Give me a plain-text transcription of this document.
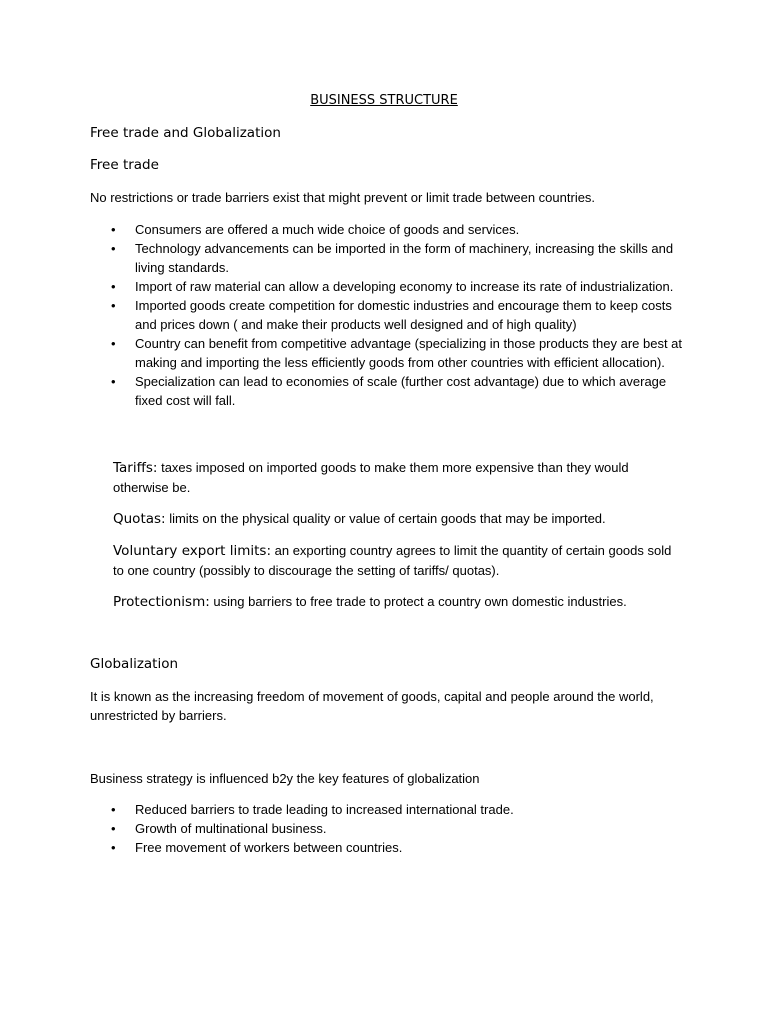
BUSINESS STRUCTURE
Free trade and Globalization
Free trade
No restrictions or trade barriers exist that might prevent or limit trade between countries.
• Consumers are offered a much wide choice of goods and services.
• Technology advancements can be imported in the form of machinery, increasing the skills and living standards.
• Import of raw material can allow a developing economy to increase its rate of industrialization.
• Imported goods create competition for domestic industries and encourage them to keep costs and prices down ( and make their products well designed and of high quality)
• Country can benefit from competitive advantage (specializing in those products they are best at making and importing the less efficiently goods from other countries with efficient allocation).
• Specialization can lead to economies of scale (further cost advantage) due to which average fixed cost will fall.
Tariffs: taxes imposed on imported goods to make them more expensive than they would otherwise be.
Quotas: limits on the physical quality or value of certain goods that may be imported.
Voluntary export limits: an exporting country agrees to limit the quantity of certain goods sold to one country (possibly to discourage the setting of tariffs/ quotas).
Protectionism: using barriers to free trade to protect a country own domestic industries.
Globalization
It is known as the increasing freedom of movement of goods, capital and people around the world, unrestricted by barriers.
Business strategy is influenced b2y the key features of globalization
• Reduced barriers to trade leading to increased international trade.
• Growth of multinational business.
• Free movement of workers between countries.
